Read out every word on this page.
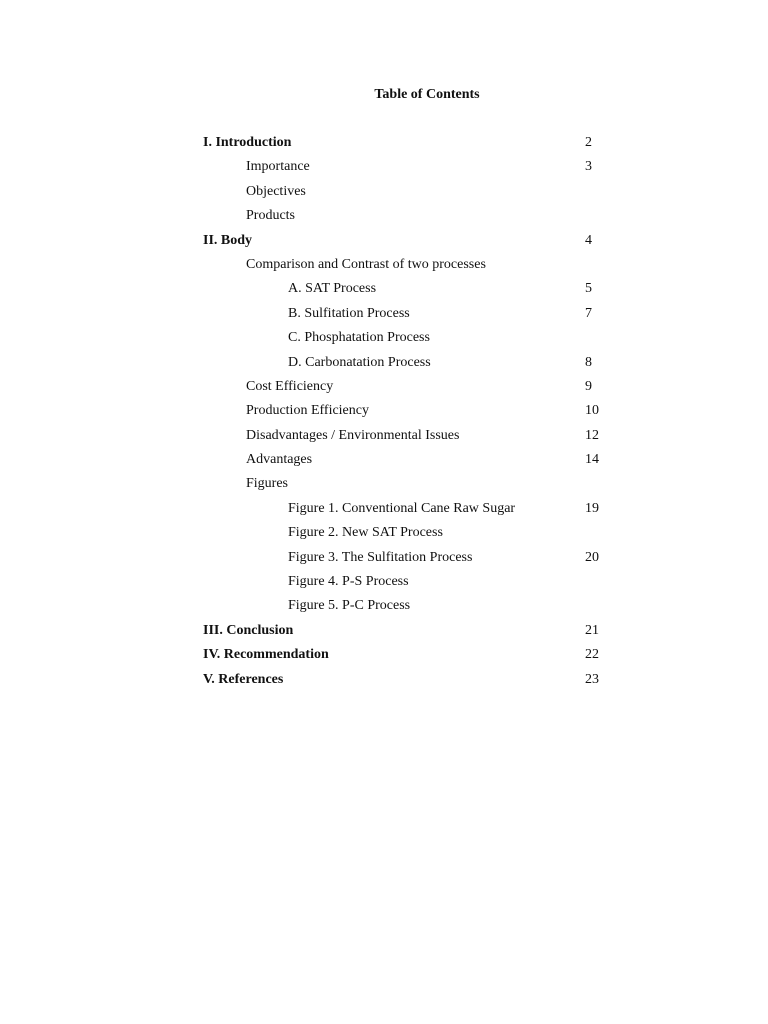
Table of Contents
I. Introduction	2
Importance	3
Objectives
Products
II. Body	4
Comparison and Contrast of two processes
A. SAT Process	5
B. Sulfitation Process	7
C. Phosphatation Process
D. Carbonatation Process	8
Cost Efficiency	9
Production Efficiency	10
Disadvantages / Environmental Issues	12
Advantages	14
Figures
Figure 1. Conventional Cane Raw Sugar	19
Figure 2. New SAT Process
Figure 3. The Sulfitation Process	20
Figure 4. P-S Process
Figure 5. P-C Process
III. Conclusion	21
IV. Recommendation	22
V. References	23
